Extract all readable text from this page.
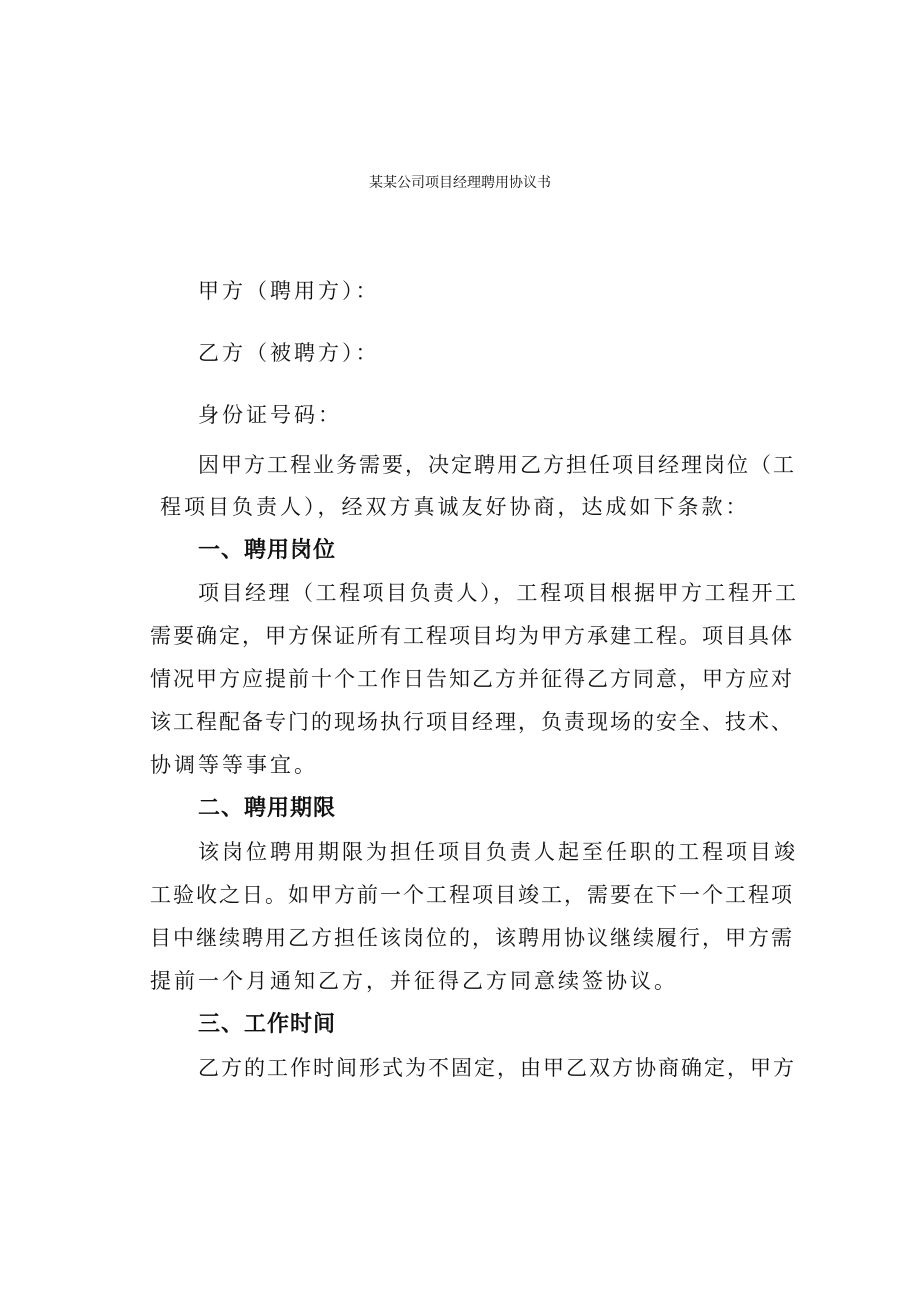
某某公司项目经理聘用协议书
甲方（聘用方）：
乙方（被聘方）：
身份证号码：
因甲方工程业务需要，决定聘用乙方担任项目经理岗位（工
程项目负责人），经双方真诚友好协商，达成如下条款：
一、聘用岗位
项目经理（工程项目负责人），工程项目根据甲方工程开工
需要确定，甲方保证所有工程项目均为甲方承建工程。项目具体
情况甲方应提前十个工作日告知乙方并征得乙方同意，甲方应对
该工程配备专门的现场执行项目经理，负责现场的安全、技术、
协调等等事宜。
二、聘用期限
该岗位聘用期限为担任项目负责人起至任职的工程项目竣
工验收之日。如甲方前一个工程项目竣工，需要在下一个工程项
目中继续聘用乙方担任该岗位的，该聘用协议继续履行，甲方需
提前一个月通知乙方，并征得乙方同意续签协议。
三、工作时间
乙方的工作时间形式为不固定，由甲乙双方协商确定，甲方
